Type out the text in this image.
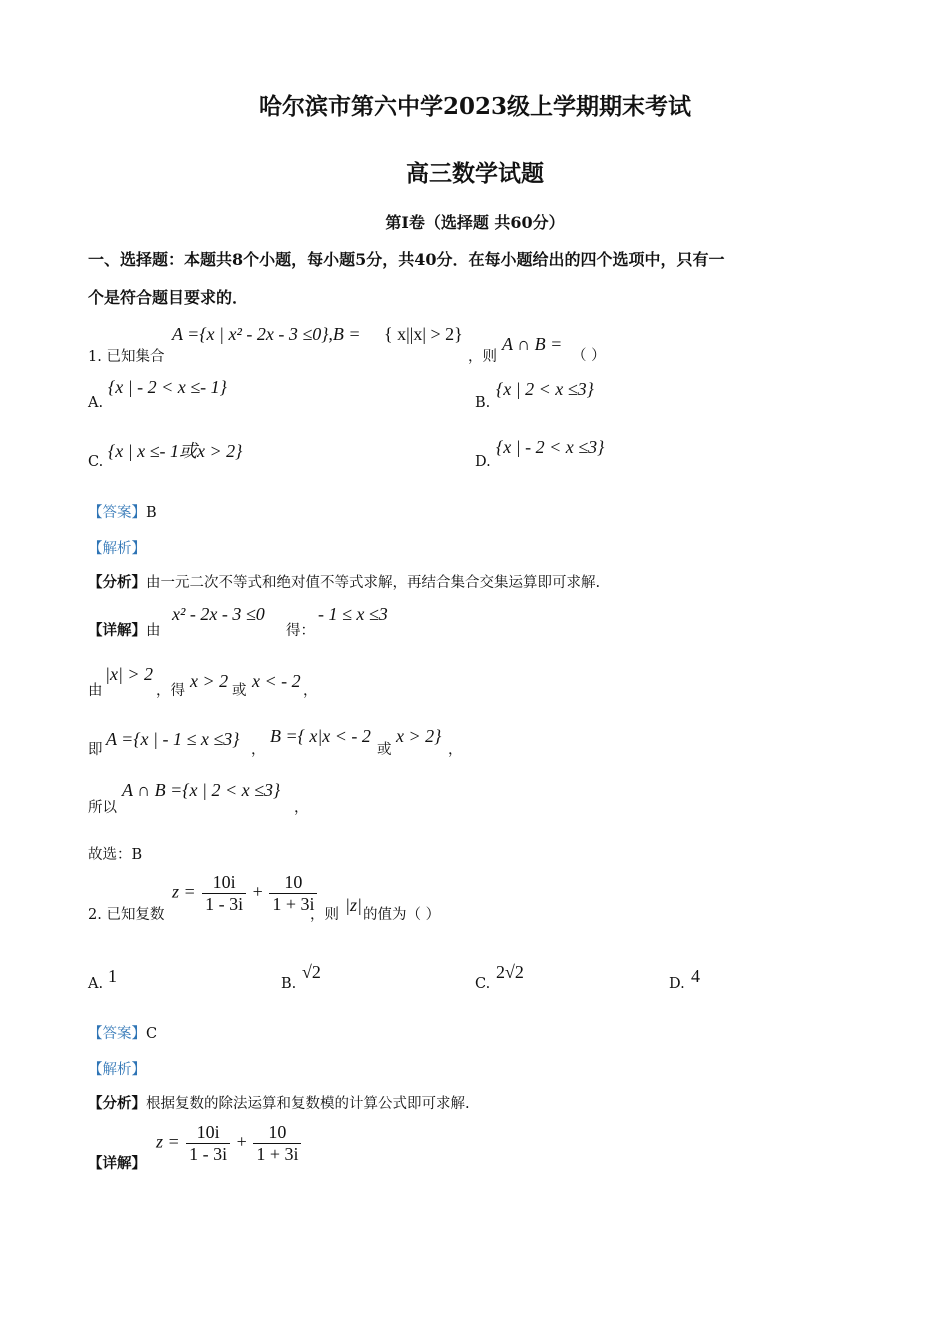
哈尔滨市第六中学2023级上学期期末考试
高三数学试题
第Ⅰ卷（选择题 共60分）
一、选择题：本题共8个小题，每小题5分，共40分．在每小题给出的四个选项中，只有一
个是符合题目要求的．
1. 已知集合
A ={x | x² - 2x - 3 ≤0},B = { x||x| > 2}
，则
A ∩ B =
（ ）
A.
{x | - 2 < x ≤- 1}
B.
{x | 2 < x ≤3}
C.
{x | x ≤- 1或x > 2}
D.
{x | - 2 < x ≤3}
【答案】B
【解析】
【分析】由一元二次不等式和绝对值不等式求解，再结合集合交集运算即可求解.
【详解】由
x² - 2x - 3 ≤0
得：
- 1 ≤ x ≤3
由
|x| > 2
，得 x > 2 或 x < - 2 ，
即
A ={x | - 1 ≤ x ≤3}
，
B ={ x|x < - 2
或
x > 2}
，
所以
A ∩ B ={x | 2 < x ≤3}
，
故选：B
2. 已知复数
$z = \frac{10i}{1 - 3i} + \frac{10}{1 + 3i}$
，则 |z| 的值为（ ）
A. 1	B.
√2
C.
2√2
D. 4
【答案】C
【解析】
【分析】根据复数的除法运算和复数模的计算公式即可求解.
【详解】
$z = \frac{10i}{1 - 3i} + \frac{10}{1 + 3i}$
